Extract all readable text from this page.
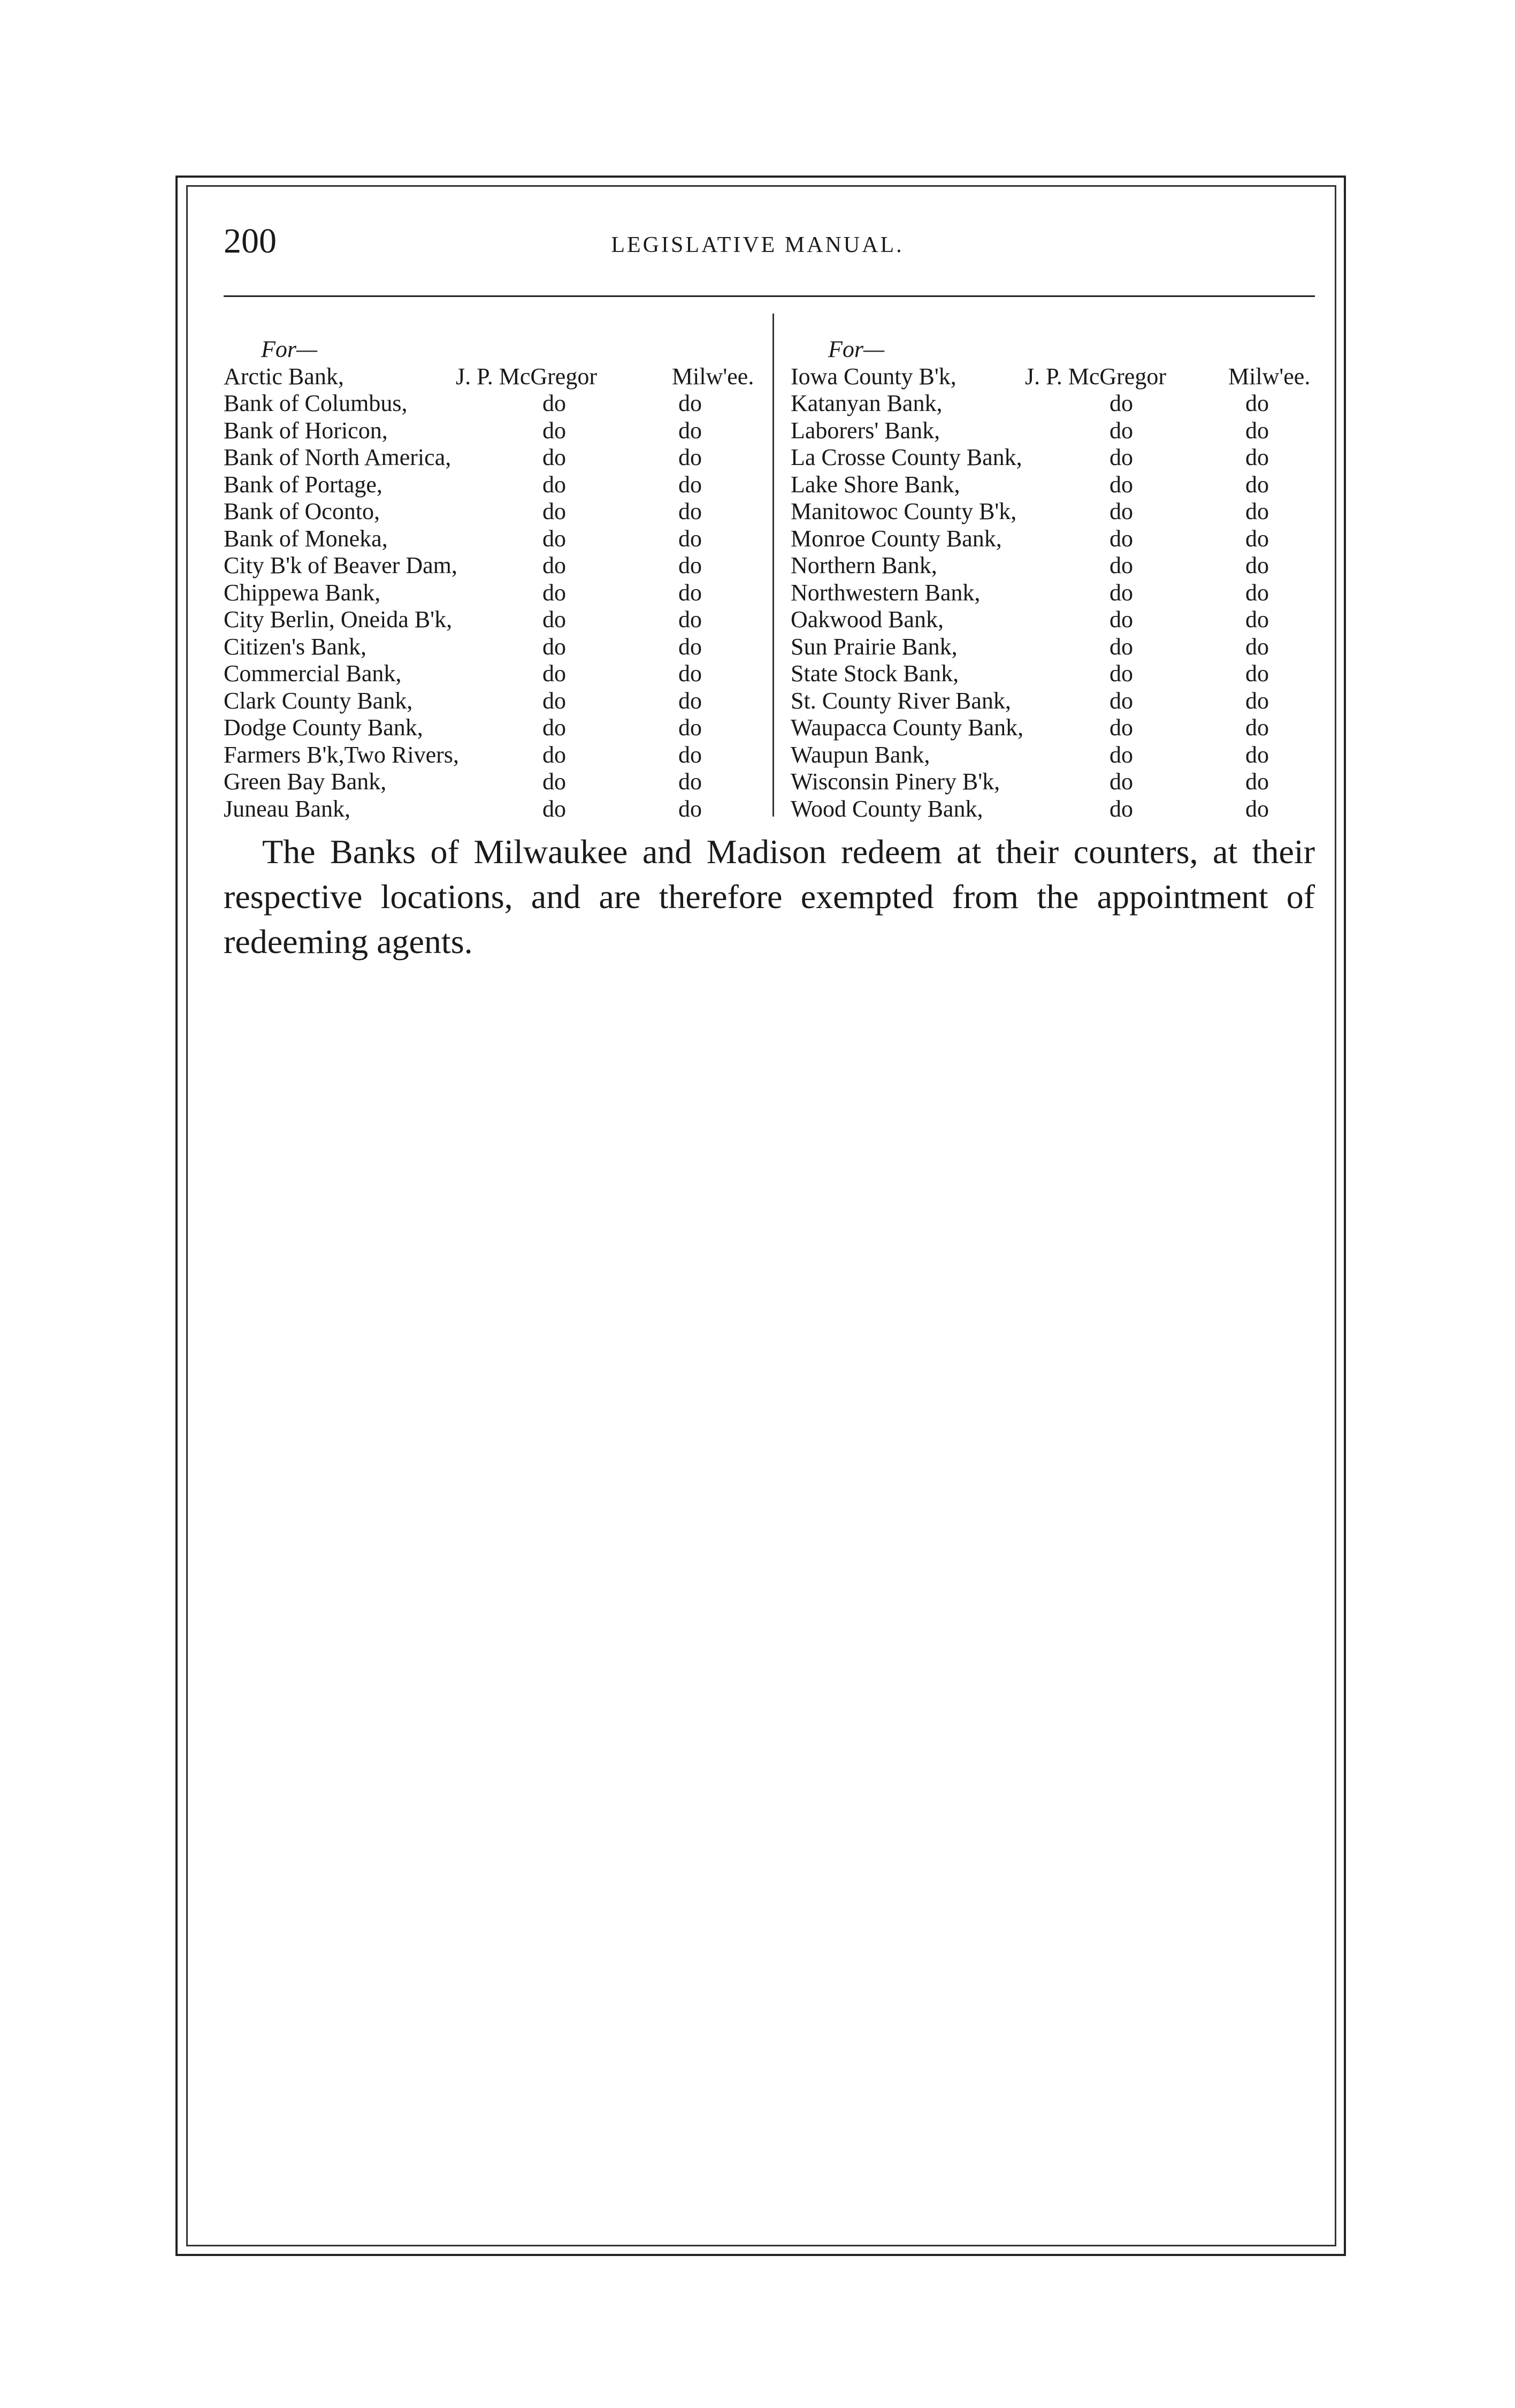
200	LEGISLATIVE MANUAL.
For—
Arctic Bank,	J. P. McGregor	Milw'ee.
Bank of Columbus,	do	do
Bank of Horicon,	do	do
Bank of North America,	do	do
Bank of Portage,	do	do
Bank of Oconto,	do	do
Bank of Moneka,	do	do
City B'k of Beaver Dam,	do	do
Chippewa Bank,	do	do
City Berlin, Oneida B'k,	do	do
Citizen's Bank,	do	do
Commercial Bank,	do	do
Clark County Bank,	do	do
Dodge County Bank,	do	do
Farmers B'k,Two Rivers,	do	do
Green Bay Bank,	do	do
Juneau Bank,	do	do
For—
Iowa County B'k,	J. P. McGregor	Milw'ee.
Katanyan Bank,	do	do
Laborers' Bank,	do	do
La Crosse County Bank,	do	do
Lake Shore Bank,	do	do
Manitowoc County B'k,	do	do
Monroe County Bank,	do	do
Northern Bank,	do	do
Northwestern Bank,	do	do
Oakwood Bank,	do	do
Sun Prairie Bank,	do	do
State Stock Bank,	do	do
St. County River Bank,	do	do
Waupacca County Bank,	do	do
Waupun Bank,	do	do
Wisconsin Pinery B'k,	do	do
Wood County Bank,	do	do
The Banks of Milwaukee and Madison redeem at their counters, at their respective locations, and are therefore exempted from the appointment of redeeming agents.
